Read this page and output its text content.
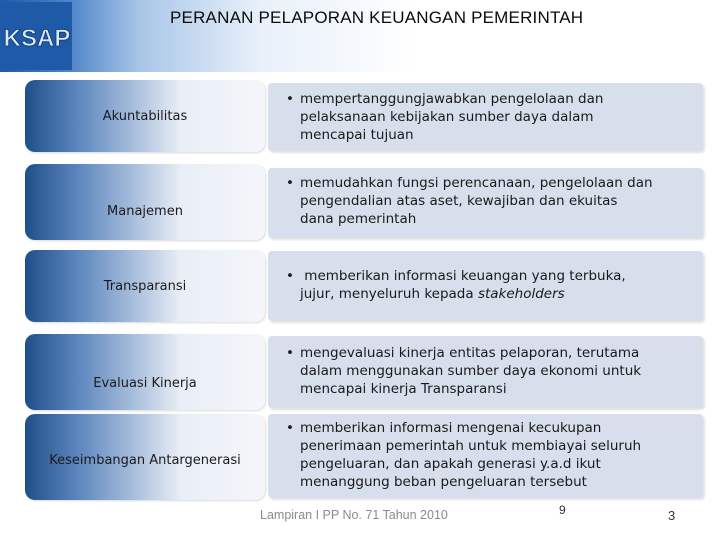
KSAP
PERANAN PELAPORAN KEUANGAN PEMERINTAH
Akuntabilitas
• mempertanggungjawabkan pengelolaan dan
pelaksanaan kebijakan sumber daya dalam
mencapai tujuan
Manajemen
• memudahkan fungsi perencanaan, pengelolaan dan
pengendalian atas aset, kewajiban dan ekuitas
dana pemerintah
Transparansi
• memberikan informasi keuangan yang terbuka,
jujur, menyeluruh kepada stakeholders
Evaluasi Kinerja
• mengevaluasi kinerja entitas pelaporan, terutama
dalam menggunakan sumber daya ekonomi untuk
mencapai kinerja Transparansi
Keseimbangan Antargenerasi
• memberikan informasi mengenai kecukupan
penerimaan pemerintah untuk membiayai seluruh
pengeluaran, dan apakah generasi y.a.d ikut
menanggung beban pengeluaran tersebut
Lampiran I PP No. 71 Tahun 2010	9	3
